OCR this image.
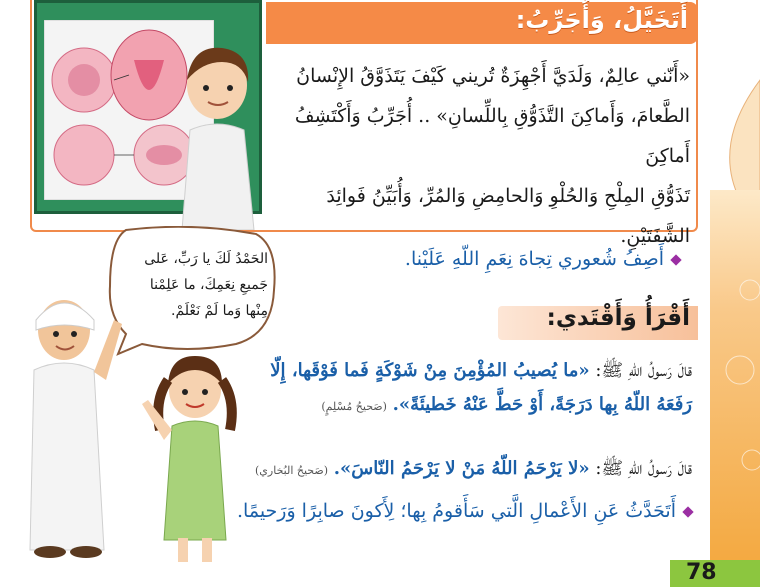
أَتَخَيَّلُ، وَأُجَرِّبُ:
«أَنّني عالِمٌ، وَلَدَيَّ أَجْهِزَةٌ تُريني كَيْفَ يَتَذَوَّقُ الإِنْسانُ
الطَّعامَ، وَأَماكِنَ التَّذَوُّقِ بِاللِّسانِ» .. أُجَرِّبُ وَأَكْتَشِفُ أَماكِنَ
تَذَوُّقِ المِلْحِ وَالحُلْوِ وَالحامِضِ وَالمُرِّ، وَأُبَيِّنُ فَوائِدَ الشَّفَتَيْنِ.
الحَمْدُ لَكَ يا رَبِّ، عَلى
جَميعِ نِعَمِكَ، ما عَلِمْنا
مِنْها وَما لَمْ نَعْلَمْ.
أَصِفُ شُعوري تِجاهَ نِعَمِ اللّهِ عَلَيْنا.
أَقْرَأُ وَأَقْتَدي:
قالَ رَسولُ اللّهِ ﷺ: «ما يُصيبُ المُؤْمِنَ مِنْ شَوْكَةٍ فَما فَوْقَها، إِلّا رَفَعَهُ اللّهُ بِها دَرَجَةً، أَوْ حَطَّ عَنْهُ خَطيئَةً». (صَحيحُ مُسْلِمٍ)
قالَ رَسولُ اللّهِ ﷺ: «لا يَرْحَمُ اللّهُ مَنْ لا يَرْحَمُ النّاسَ». (صَحيحُ البُخاري)
أَتَحَدَّثُ عَنِ الأَعْمالِ الَّتي سَأَقومُ بِها؛ لِأَكونَ صابِرًا وَرَحيمًا.
78
